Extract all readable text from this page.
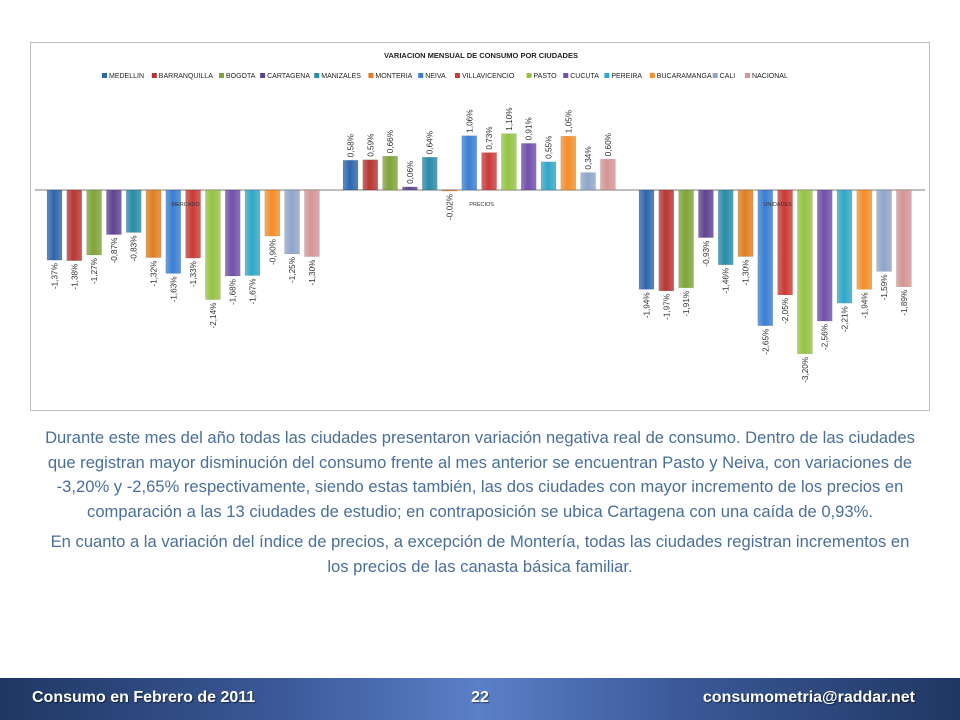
VARIACION MENSUAL DE CONSUMO POR CIUDADES
MEDELLIN BARRANQUILLA BOGOTA CARTAGENA MANIZALES MONTERIA NEIVA VILLAVICENCIO	PASTO CUCUTA PEREIRA BUCARAMANGA CALI NACIONAL
-1,37% -1,38% -1,27%
-0,87% -0,83%
-1,32%
-1,63%
-1,33%
-2,14%
-1,68% -1,67%
-0,90%
-1,25% -1,30%
MERCADO
0,58% 0,59% 0,66%
0,06%
0,64%
-0,02%
1,06%
0,73%
1,10% 0,91%
0,55%
1,05%
0,34%
0,60%
PRECIOS
-1,94% -1,97% -1,91%
-0,93%
-1,46% -1,30%
-2,65%
-2,05%
-3,20%
-2,56%
-2,21%
-1,94%
-1,59%
-1,89%
UNIDADES

Durante este mes del año todas las ciudades presentaron variación negativa real de consumo. Dentro de las ciudades que registran mayor disminución del consumo frente al mes anterior se encuentran Pasto y Neiva, con variaciones de -3,20% y -2,65% respectivamente, siendo estas también, las dos ciudades con mayor incremento de los precios en comparación a las 13 ciudades de estudio; en contraposición se ubica Cartagena con una caída de 0,93%.

En cuanto a la variación del índice de precios, a excepción de Montería, todas las ciudades registran incrementos en los precios de las canasta básica familiar.

Consumo en Febrero de 2011	22	consumometria@raddar.net
